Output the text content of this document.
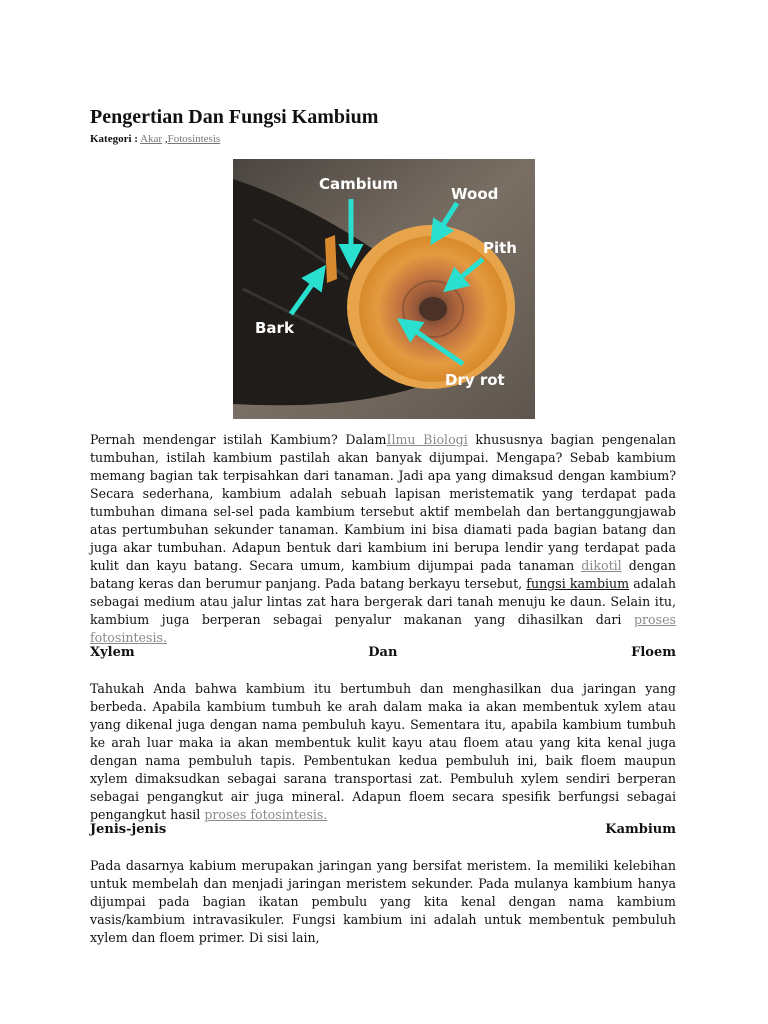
Pengertian Dan Fungsi Kambium
Kategori : Akar ,Fotosintesis
Cambium
Wood
Pith
Bark
Dry rot

Pernah mendengar istilah Kambium? DalamIlmu Biologi khususnya bagian pengenalan tumbuhan, istilah kambium pastilah akan banyak dijumpai. Mengapa? Sebab kambium memang bagian tak terpisahkan dari tanaman. Jadi apa yang dimaksud dengan kambium? Secara sederhana, kambium adalah sebuah lapisan meristematik yang terdapat pada tumbuhan dimana sel-sel pada kambium tersebut aktif membelah dan bertanggungjawab atas pertumbuhan sekunder tanaman. Kambium ini bisa diamati pada bagian batang dan juga akar tumbuhan. Adapun bentuk dari kambium ini berupa lendir yang terdapat pada kulit dan kayu batang. Secara umum, kambium dijumpai pada tanaman dikotil dengan batang keras dan berumur panjang. Pada batang berkayu tersebut, fungsi kambium adalah sebagai medium atau jalur lintas zat hara bergerak dari tanah menuju ke daun. Selain itu, kambium juga berperan sebagai penyalur makanan yang dihasilkan dari proses fotosintesis.

Xylem	Dan	Floem

Tahukah Anda bahwa kambium itu bertumbuh dan menghasilkan dua jaringan yang berbeda. Apabila kambium tumbuh ke arah dalam maka ia akan membentuk xylem atau yang dikenal juga dengan nama pembuluh kayu. Sementara itu, apabila kambium tumbuh ke arah luar maka ia akan membentuk kulit kayu atau floem atau yang kita kenal juga dengan nama pembuluh tapis. Pembentukan kedua pembuluh ini, baik floem maupun xylem dimaksudkan sebagai sarana transportasi zat. Pembuluh xylem sendiri berperan sebagai pengangkut air juga mineral. Adapun floem secara spesifik berfungsi sebagai pengangkut hasil proses fotosintesis.

Jenis-jenis	Kambium

Pada dasarnya kabium merupakan jaringan yang bersifat meristem. Ia memiliki kelebihan untuk membelah dan menjadi jaringan meristem sekunder. Pada mulanya kambium hanya dijumpai pada bagian ikatan pembulu yang kita kenal dengan nama kambium vasis/kambium intravasikuler. Fungsi kambium ini adalah untuk membentuk pembuluh xylem dan floem primer. Di sisi lain,
